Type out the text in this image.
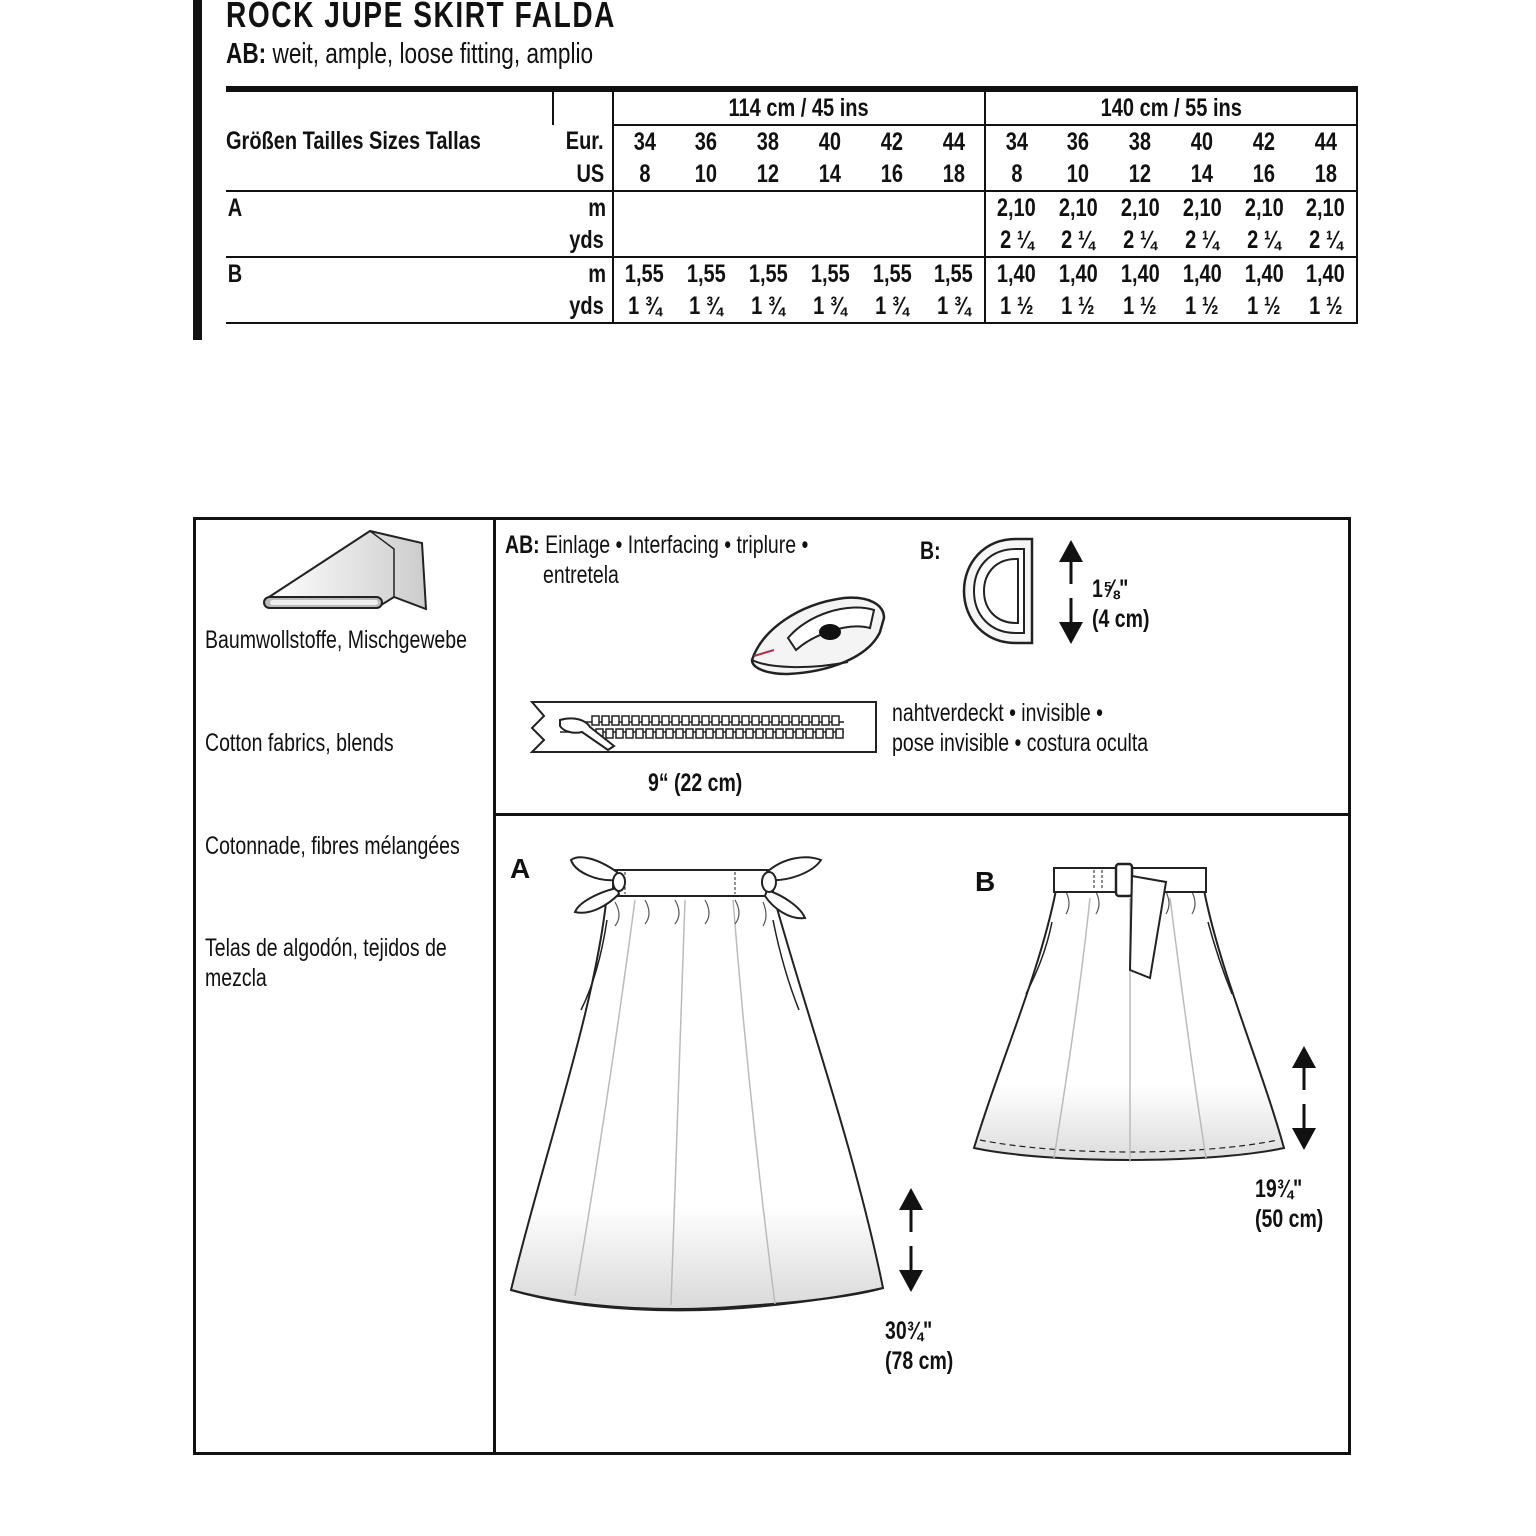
ROCK JUPE SKIRT FALDA
AB: weit, ample, loose fitting, amplio
		114 cm / 45 ins						140 cm / 55 ins					
Größen Tailles Sizes Tallas	Eur.	34	36	38	40	42	44	34	36	38	40	42	44
	US	8	10	12	14	16	18	8	10	12	14	16	18
A	m							2,10	2,10	2,10	2,10	2,10	2,10
	yds							2 ¼	2 ¼	2 ¼	2 ¼	2 ¼	2 ¼
B	m	1,55	1,55	1,55	1,55	1,55	1,55	1,40	1,40	1,40	1,40	1,40	1,40
	yds	1 ¾	1 ¾	1 ¾	1 ¾	1 ¾	1 ¾	1 ½	1 ½	1 ½	1 ½	1 ½	1 ½
Baumwollstoffe, Mischgewebe
Cotton fabrics, blends
Cotonnade, fibres mélangées
Telas de algodón, tejidos de
mezcla
AB: Einlage • Interfacing • triplure •
entretela
B:
1⅝"
(4 cm)
nahtverdeckt • invisible •
pose invisible • costura oculta
9“ (22 cm)
A
30¾"
(78 cm)
B
19¾"
(50 cm)
